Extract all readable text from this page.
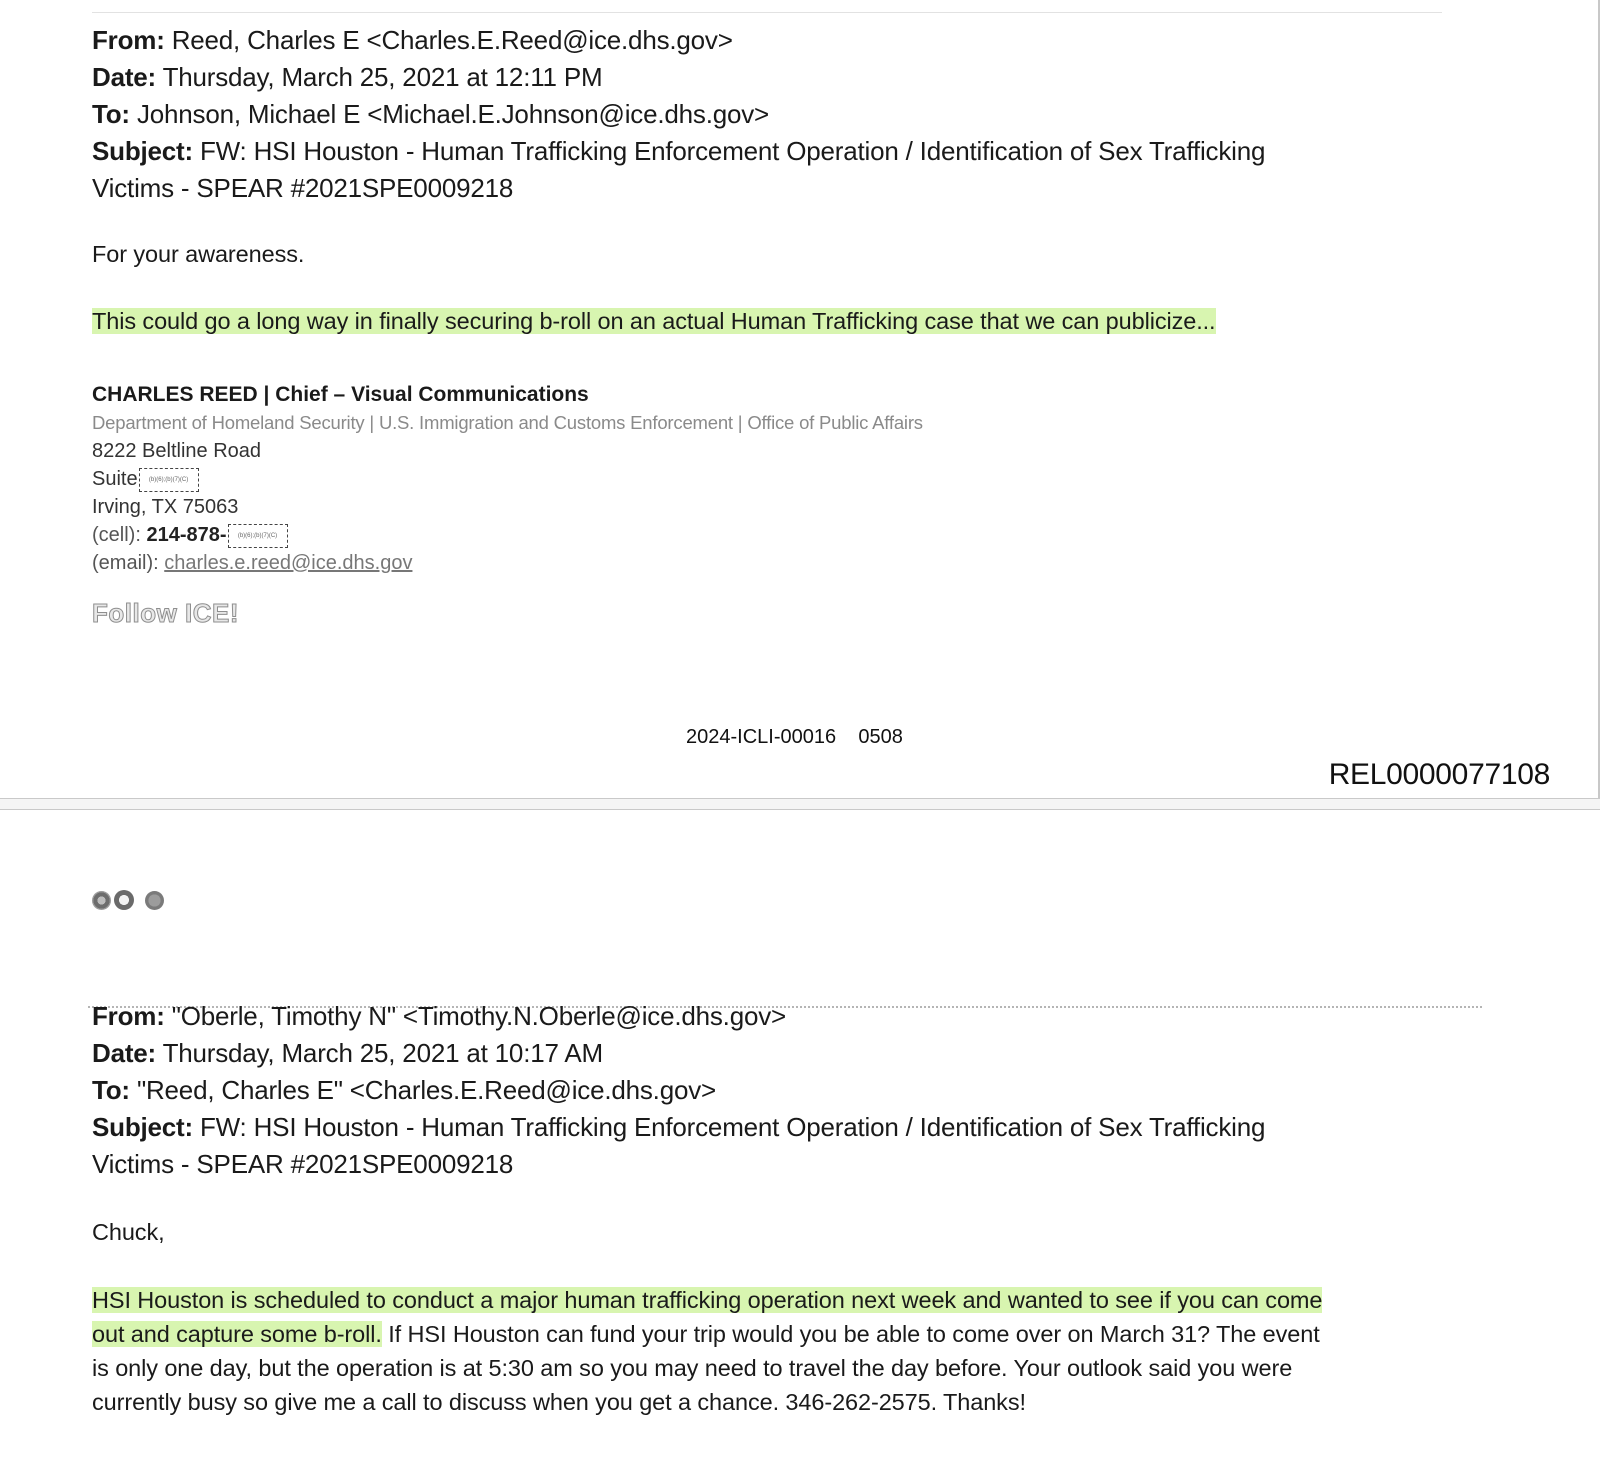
From: Reed, Charles E <Charles.E.Reed@ice.dhs.gov>
Date: Thursday, March 25, 2021 at 12:11 PM
To: Johnson, Michael E <Michael.E.Johnson@ice.dhs.gov>
Subject: FW: HSI Houston - Human Trafficking Enforcement Operation / Identification of Sex Trafficking
Victims - SPEAR #2021SPE0009218
For your awareness.
This could go a long way in finally securing b-roll on an actual Human Trafficking case that we can publicize...
CHARLES REED | Chief – Visual Communications
Department of Homeland Security | U.S. Immigration and Customs Enforcement | Office of Public Affairs
8222 Beltline Road
Suite (b)(6);(b)(7)(C)
Irving, TX 75063
(cell): 214-878- (b)(6);(b)(7)(C)
(email): charles.e.reed@ice.dhs.gov
Follow ICE!
2024-ICLI-00016    0508
REL0000077108
From: "Oberle, Timothy N" <Timothy.N.Oberle@ice.dhs.gov>
Date: Thursday, March 25, 2021 at 10:17 AM
To: "Reed, Charles E" <Charles.E.Reed@ice.dhs.gov>
Subject: FW: HSI Houston - Human Trafficking Enforcement Operation / Identification of Sex Trafficking
Victims - SPEAR #2021SPE0009218
Chuck,
HSI Houston is scheduled to conduct a major human trafficking operation next week and wanted to see if you can come
out and capture some b-roll. If HSI Houston can fund your trip would you be able to come over on March 31? The event
is only one day, but the operation is at 5:30 am so you may need to travel the day before. Your outlook said you were
currently busy so give me a call to discuss when you get a chance. 346-262-2575. Thanks!
